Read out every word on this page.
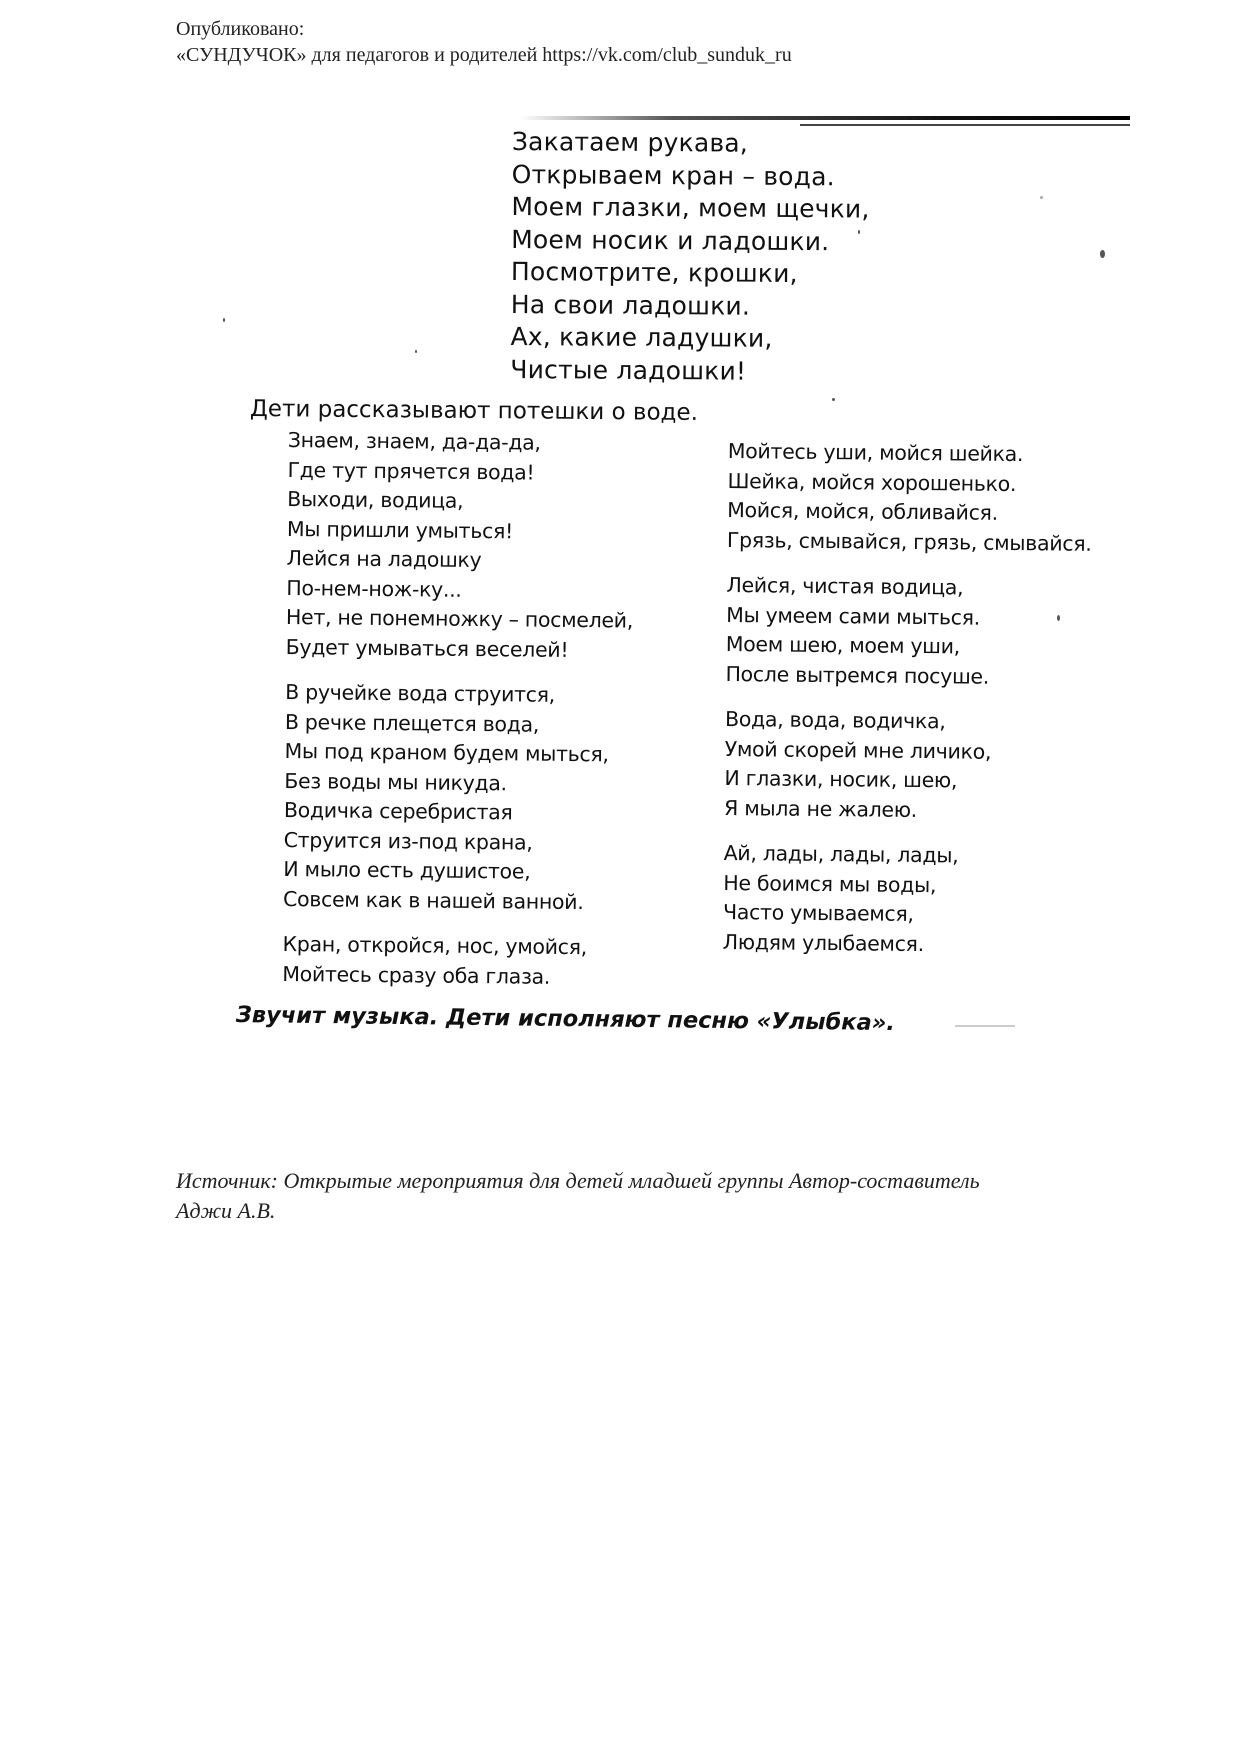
Опубликовано:
«СУНДУЧОК» для педагогов и родителей https://vk.com/club_sunduk_ru
Закатаем рукава,
Открываем кран – вода.
Моем глазки, моем щечки,
Моем носик и ладошки.
Посмотрите, крошки,
На свои ладошки.
Ах, какие ладушки,
Чистые ладошки!
Дети рассказывают потешки о воде.
Знаем, знаем, да-да-да,
Где тут прячется вода!
Выходи, водица,
Мы пришли умыться!
Лейся на ладошку
По-нем-нож-ку...
Нет, не понемножку – посмелей,
Будет умываться веселей!
В ручейке вода струится,
В речке плещется вода,
Мы под краном будем мыться,
Без воды мы никуда.
Водичка серебристая
Струится из-под крана,
И мыло есть душистое,
Совсем как в нашей ванной.
Кран, откройся, нос, умойся,
Мойтесь сразу оба глаза.
Мойтесь уши, мойся шейка.
Шейка, мойся хорошенько.
Мойся, мойся, обливайся.
Грязь, смывайся, грязь, смывайся.
Лейся, чистая водица,
Мы умеем сами мыться.
Моем шею, моем уши,
После вытремся посуше.
Вода, вода, водичка,
Умой скорей мне личико,
И глазки, носик, шею,
Я мыла не жалею.
Ай, лады, лады, лады,
Не боимся мы воды,
Часто умываемся,
Людям улыбаемся.
Звучит музыка. Дети исполняют песню «Улыбка».
Источник: Открытые мероприятия для детей младшей группы Автор-составитель
Аджи А.В.
